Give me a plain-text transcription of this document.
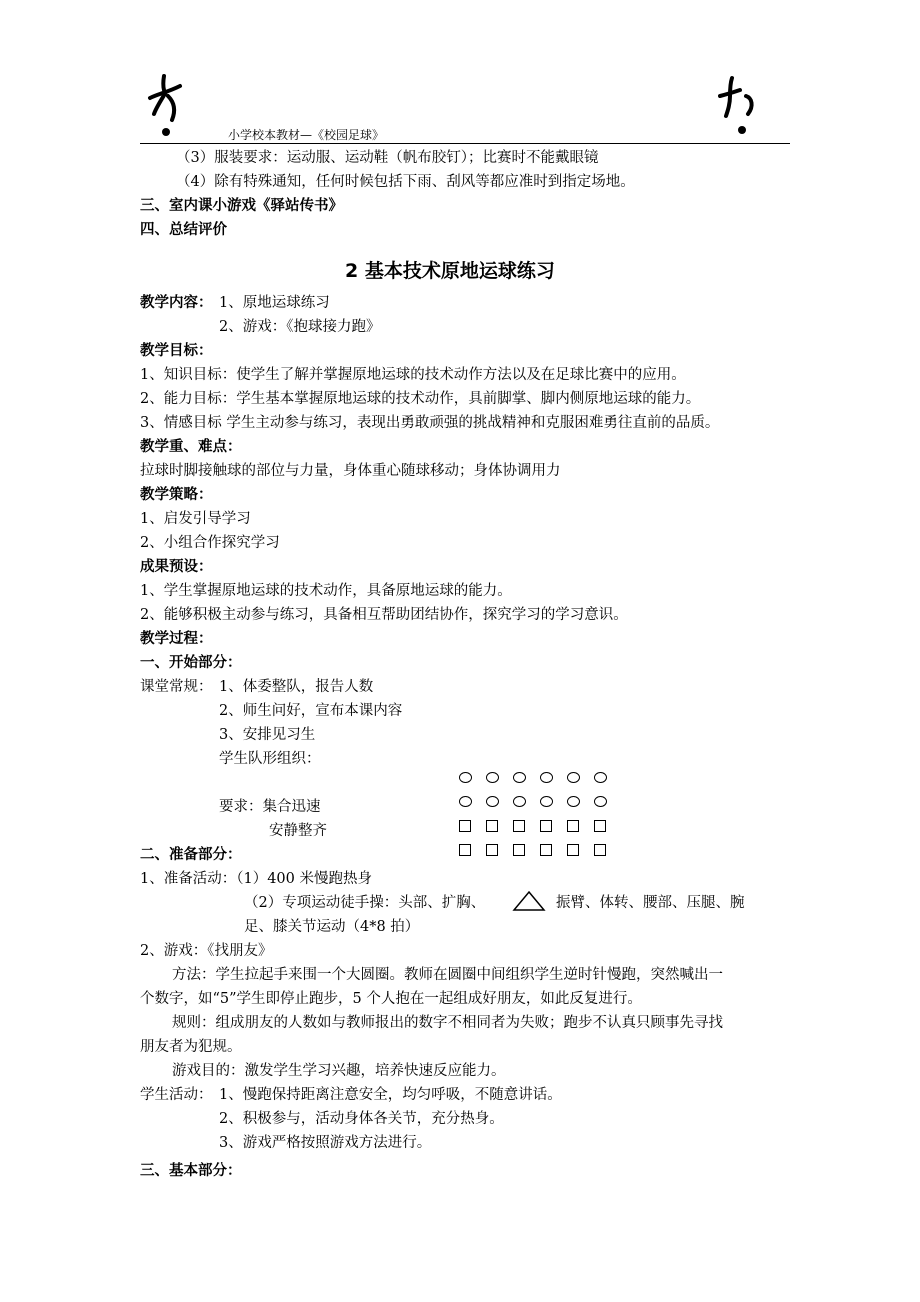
小学校本教材—《校园足球》
（3）服装要求：运动服、运动鞋（帆布胶钉）；比赛时不能戴眼镜
（4）除有特殊通知，任何时候包括下雨、刮风等都应准时到指定场地。
三、室内课小游戏《驿站传书》
四、总结评价
2 基本技术原地运球练习
教学内容： 1、原地运球练习
2、游戏：《抱球接力跑》
教学目标：
1、知识目标：使学生了解并掌握原地运球的技术动作方法以及在足球比赛中的应用。
2、能力目标：学生基本掌握原地运球的技术动作，具前脚掌、脚内侧原地运球的能力。
3、情感目标 学生主动参与练习，表现出勇敢顽强的挑战精神和克服困难勇往直前的品质。
教学重、难点：
拉球时脚接触球的部位与力量，身体重心随球移动；身体协调用力
教学策略：
1、启发引导学习
2、小组合作探究学习
成果预设：
1、学生掌握原地运球的技术动作，具备原地运球的能力。
2、能够积极主动参与练习，具备相互帮助团结协作，探究学习的学习意识。
教学过程：
一、开始部分：
课堂常规： 1、体委整队，报告人数
2、师生问好，宣布本课内容
3、安排见习生
学生队形组织：
要求：集合迅速
安静整齐
二、准备部分：
1、准备活动：（1）400 米慢跑热身
（2）专项运动徒手操：头部、扩胸、	振臂、体转、腰部、压腿、腕
足、膝关节运动（4*8 拍）
2、游戏：《找朋友》
方法：学生拉起手来围一个大圆圈。教师在圆圈中间组织学生逆时针慢跑，突然喊出一
个数字，如“5”学生即停止跑步，5 个人抱在一起组成好朋友，如此反复进行。
规则：组成朋友的人数如与教师报出的数字不相同者为失败；跑步不认真只顾事先寻找
朋友者为犯规。
游戏目的：激发学生学习兴趣，培养快速反应能力。
学生活动： 1、慢跑保持距离注意安全，均匀呼吸，不随意讲话。
2、积极参与，活动身体各关节，充分热身。
3、游戏严格按照游戏方法进行。
三、基本部分：
